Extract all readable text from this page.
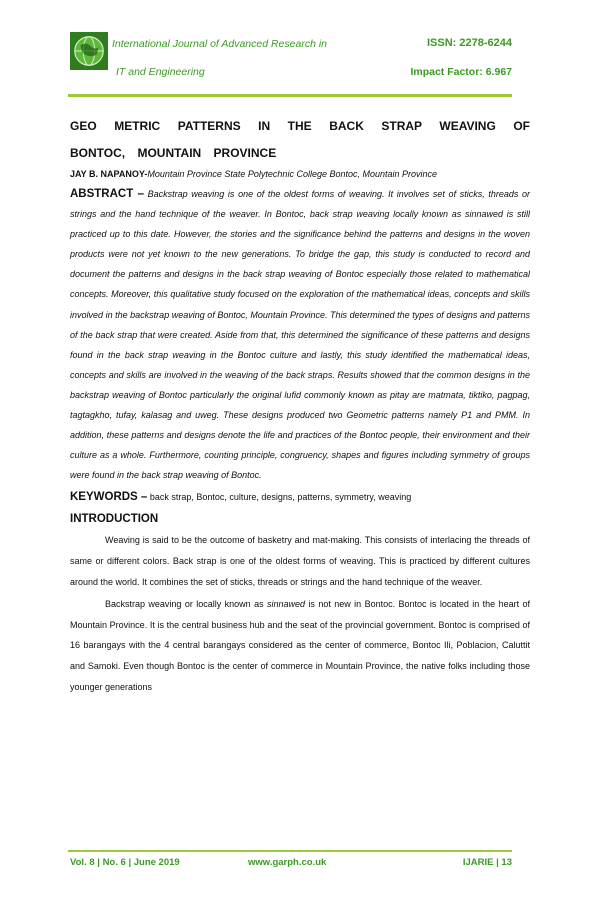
International Journal of Advanced Research in
IT and Engineering
ISSN: 2278-6244
Impact Factor: 6.967
GEO METRIC PATTERNS IN THE BACK STRAP WEAVING OF BONTOC, MOUNTAIN PROVINCE
JAY B. NAPANOY-Mountain Province State Polytechnic College Bontoc, Mountain Province

ABSTRACT – Backstrap weaving is one of the oldest forms of weaving. It involves set of sticks, threads or strings and the hand technique of the weaver. In Bontoc, back strap weaving locally known as sinnawed is still practiced up to this date. However, the stories and the significance behind the patterns and designs in the woven products were not yet known to the new generations. To bridge the gap, this study is conducted to record and document the patterns and designs in the back strap weaving of Bontoc especially those related to mathematical concepts. Moreover, this qualitative study focused on the exploration of the mathematical ideas, concepts and skills involved in the backstrap weaving of Bontoc, Mountain Province. This determined the types of designs and patterns of the back strap that were created. Aside from that, this determined the significance of these patterns and designs found in the back strap weaving in the Bontoc culture and lastly, this study identified the mathematical ideas, concepts and skills are involved in the weaving of the back straps. Results showed that the common designs in the backstrap weaving of Bontoc particularly the original lufid commonly known as pitay are matmata, tiktiko, pagpag, tagtagkho, tufay, kalasag and uweg. These designs produced two Geometric patterns namely P1 and PMM. In addition, these patterns and designs denote the life and practices of the Bontoc people, their environment and their culture as a whole. Furthermore, counting principle, congruency, shapes and figures including symmetry of groups were found in the back strap weaving of Bontoc.

KEYWORDS – back strap, Bontoc, culture, designs, patterns, symmetry, weaving

INTRODUCTION

Weaving is said to be the outcome of basketry and mat-making. This consists of interlacing the threads of same or different colors. Back strap is one of the oldest forms of weaving. This is practiced by different cultures around the world. It combines the set of sticks, threads or strings and the hand technique of the weaver.

Backstrap weaving or locally known as sinnawed is not new in Bontoc. Bontoc is located in the heart of Mountain Province. It is the central business hub and the seat of the provincial government. Bontoc is comprised of 16 barangays with the 4 central barangays considered as the center of commerce, Bontoc Ili, Poblacion, Caluttit and Samoki. Even though Bontoc is the center of commerce in Mountain Province, the native folks including those younger generations

Vol. 8 | No. 6 | June 2019	www.garph.co.uk	IJARIE | 13
